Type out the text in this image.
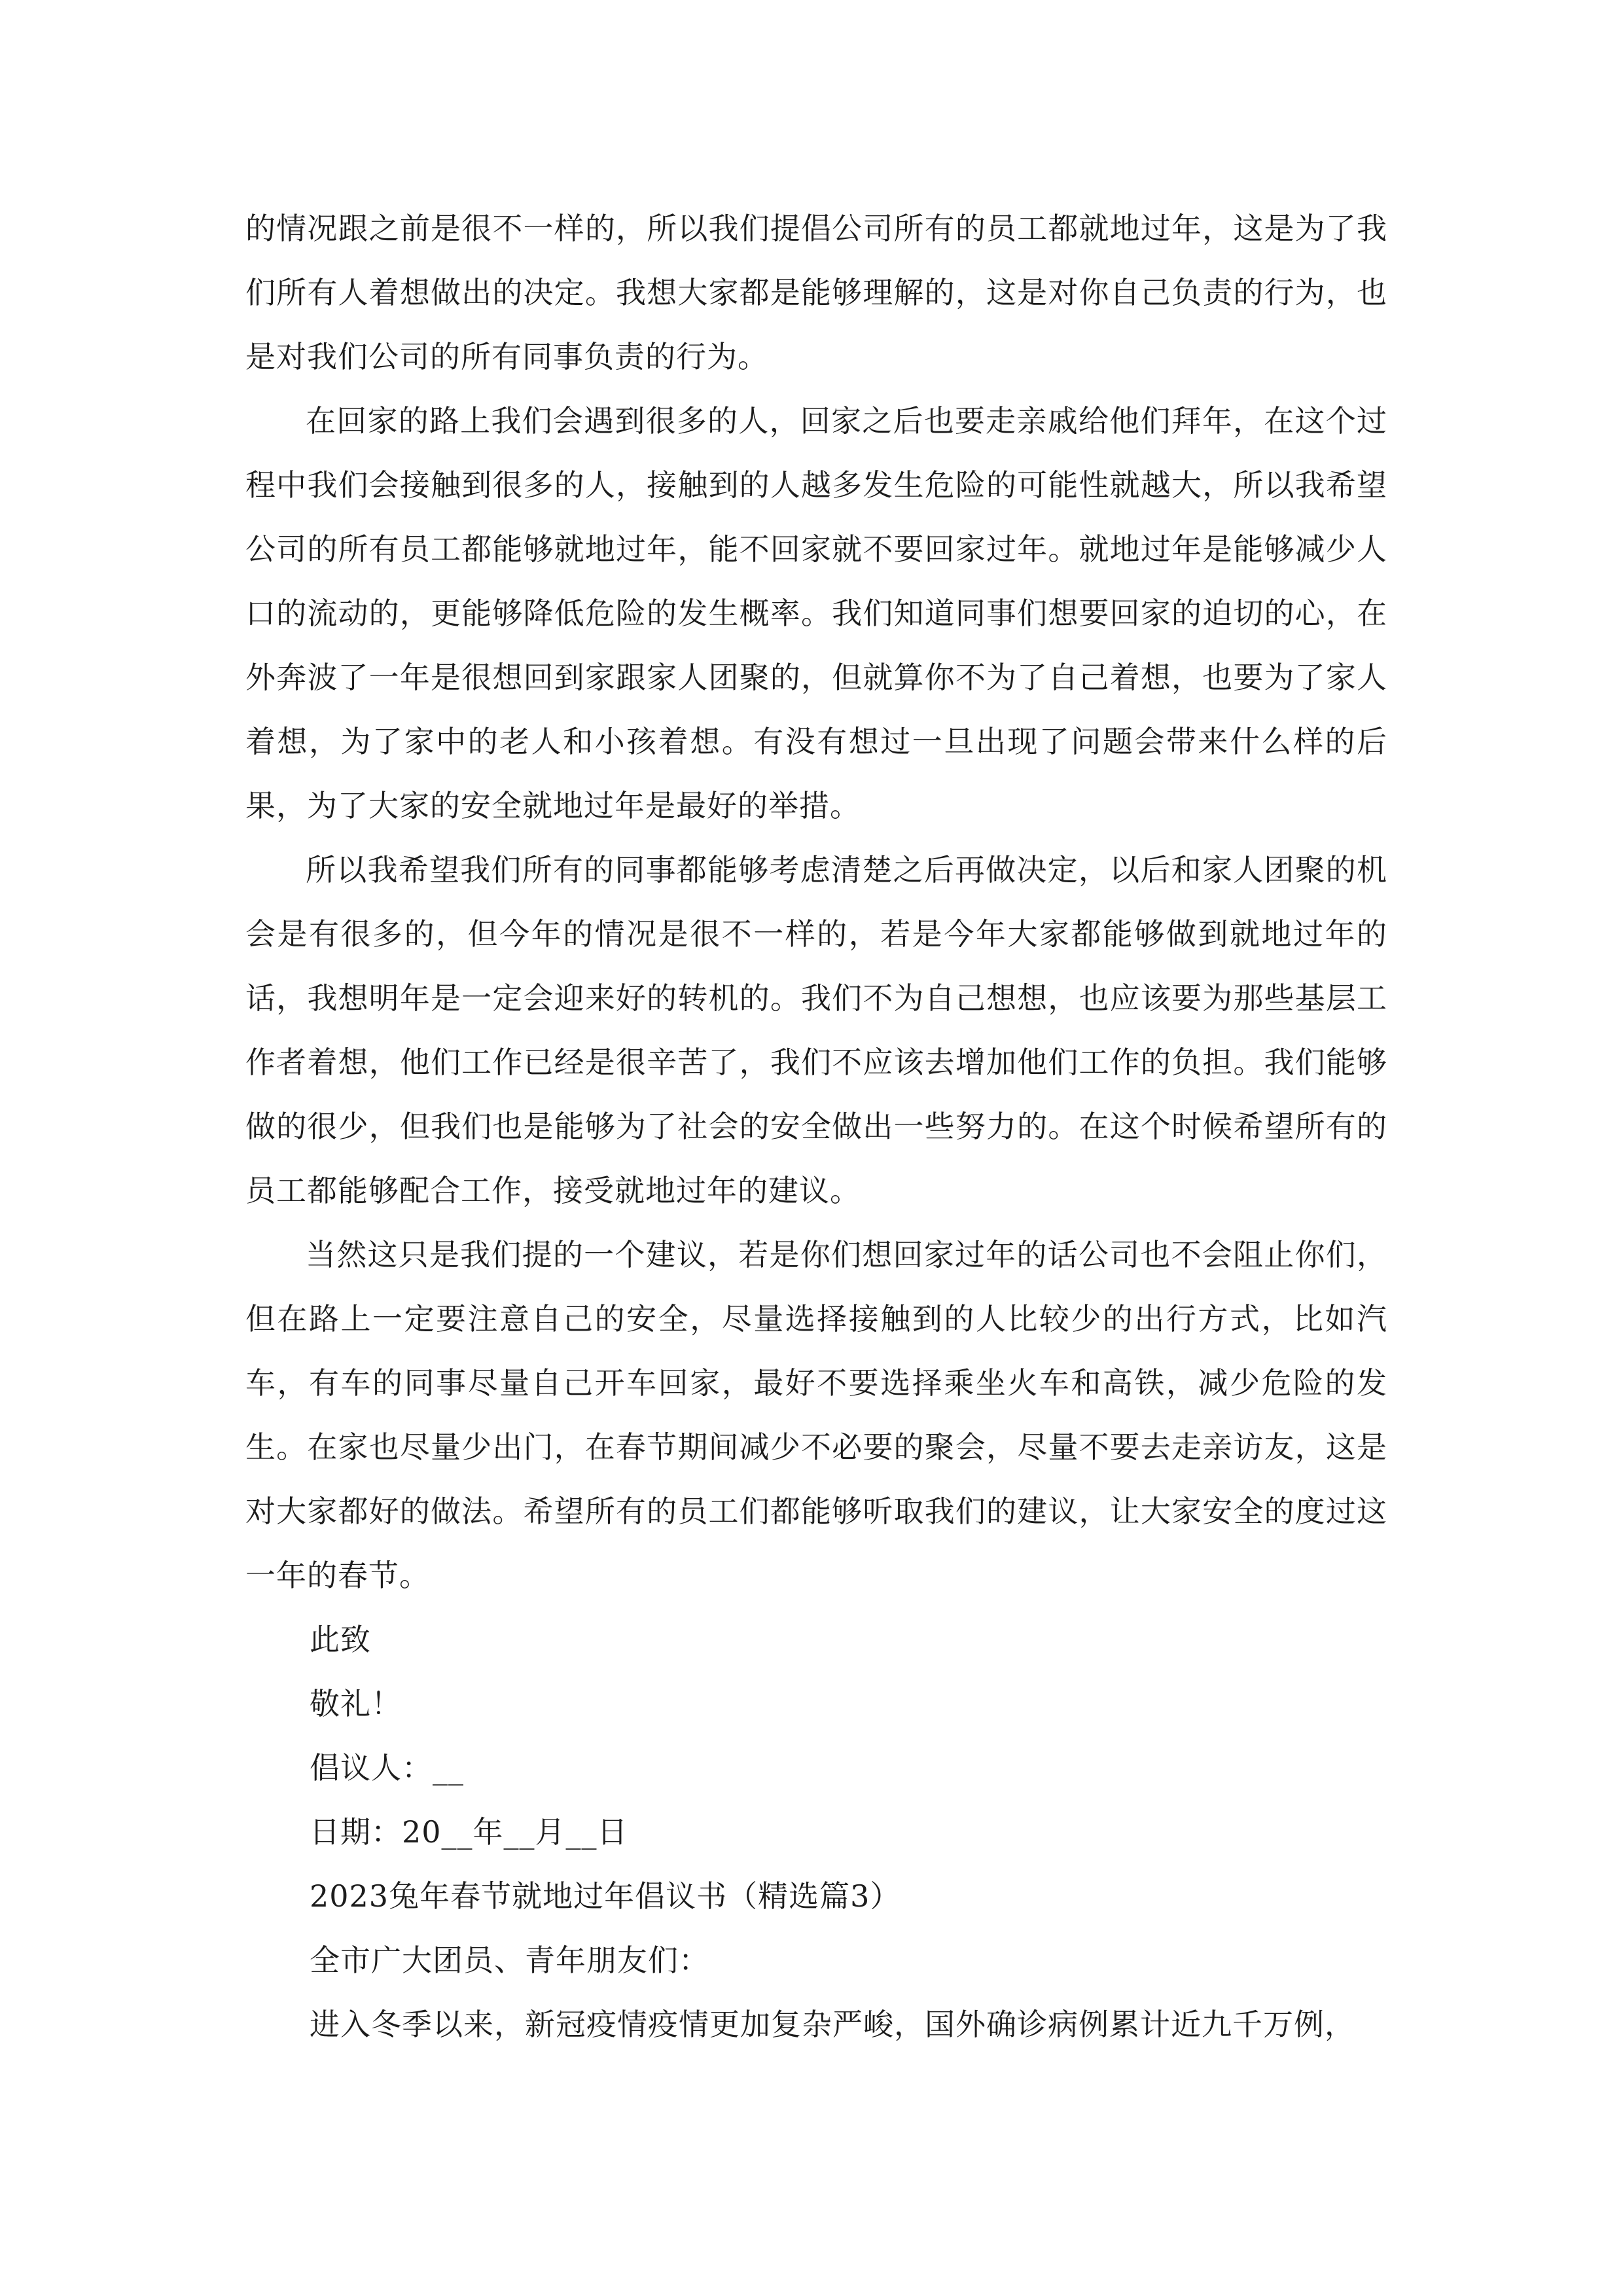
的情况跟之前是很不一样的，所以我们提倡公司所有的员工都就地过年，这是为了我们所有人着想做出的决定。我想大家都是能够理解的，这是对你自己负责的行为，也是对我们公司的所有同事负责的行为。

在回家的路上我们会遇到很多的人，回家之后也要走亲戚给他们拜年，在这个过程中我们会接触到很多的人，接触到的人越多发生危险的可能性就越大，所以我希望公司的所有员工都能够就地过年，能不回家就不要回家过年。就地过年是能够减少人口的流动的，更能够降低危险的发生概率。我们知道同事们想要回家的迫切的心，在外奔波了一年是很想回到家跟家人团聚的，但就算你不为了自己着想，也要为了家人着想，为了家中的老人和小孩着想。有没有想过一旦出现了问题会带来什么样的后果，为了大家的安全就地过年是最好的举措。

所以我希望我们所有的同事都能够考虑清楚之后再做决定，以后和家人团聚的机会是有很多的，但今年的情况是很不一样的，若是今年大家都能够做到就地过年的话，我想明年是一定会迎来好的转机的。我们不为自己想想，也应该要为那些基层工作者着想，他们工作已经是很辛苦了，我们不应该去增加他们工作的负担。我们能够做的很少，但我们也是能够为了社会的安全做出一些努力的。在这个时候希望所有的员工都能够配合工作，接受就地过年的建议。

当然这只是我们提的一个建议，若是你们想回家过年的话公司也不会阻止你们，但在路上一定要注意自己的安全，尽量选择接触到的人比较少的出行方式，比如汽车，有车的同事尽量自己开车回家，最好不要选择乘坐火车和高铁，减少危险的发生。在家也尽量少出门，在春节期间减少不必要的聚会，尽量不要去走亲访友，这是对大家都好的做法。希望所有的员工们都能够听取我们的建议，让大家安全的度过这一年的春节。

此致

敬礼！

倡议人：__

日期：20__年__月__日

2023兔年春节就地过年倡议书（精选篇3）

全市广大团员、青年朋友们：

进入冬季以来，新冠疫情疫情更加复杂严峻，国外确诊病例累计近九千万例，
